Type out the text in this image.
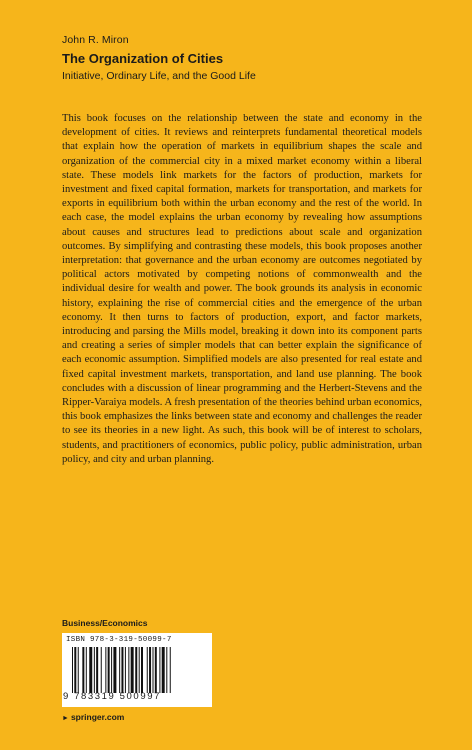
John R. Miron
The Organization of Cities
Initiative, Ordinary Life, and the Good Life

This book focuses on the relationship between the state and economy in the development of cities. It reviews and reinterprets fundamental theoretical models that explain how the operation of markets in equilibrium shapes the scale and organization of the commercial city in a mixed market economy within a liberal state. These models link markets for the factors of production, markets for investment and fixed capital formation, markets for transportation, and markets for exports in equilibrium both within the urban economy and the rest of the world. In each case, the model explains the urban economy by revealing how assumptions about causes and structures lead to predictions about scale and organization outcomes. By simplifying and contrasting these models, this book proposes another interpretation: that governance and the urban economy are outcomes negotiated by political actors motivated by competing notions of commonwealth and the individual desire for wealth and power. The book grounds its analysis in economic history, explaining the rise of commercial cities and the emergence of the urban economy. It then turns to factors of production, export, and factor markets, introducing and parsing the Mills model, breaking it down into its component parts and creating a series of simpler models that can better explain the significance of each economic assumption. Simplified models are also presented for real estate and fixed capital investment markets, transportation, and land use planning. The book concludes with a discussion of linear programming and the Herbert-Stevens and the Ripper-Varaiya models. A fresh presentation of the theories behind urban economics, this book emphasizes the links between state and economy and challenges the reader to see its theories in a new light. As such, this book will be of interest to scholars, students, and practitioners of economics, public policy, public administration, urban policy, and city and urban planning.

Business/Economics
ISBN 978-3-319-50099-7
9 783319 500997
► springer.com
